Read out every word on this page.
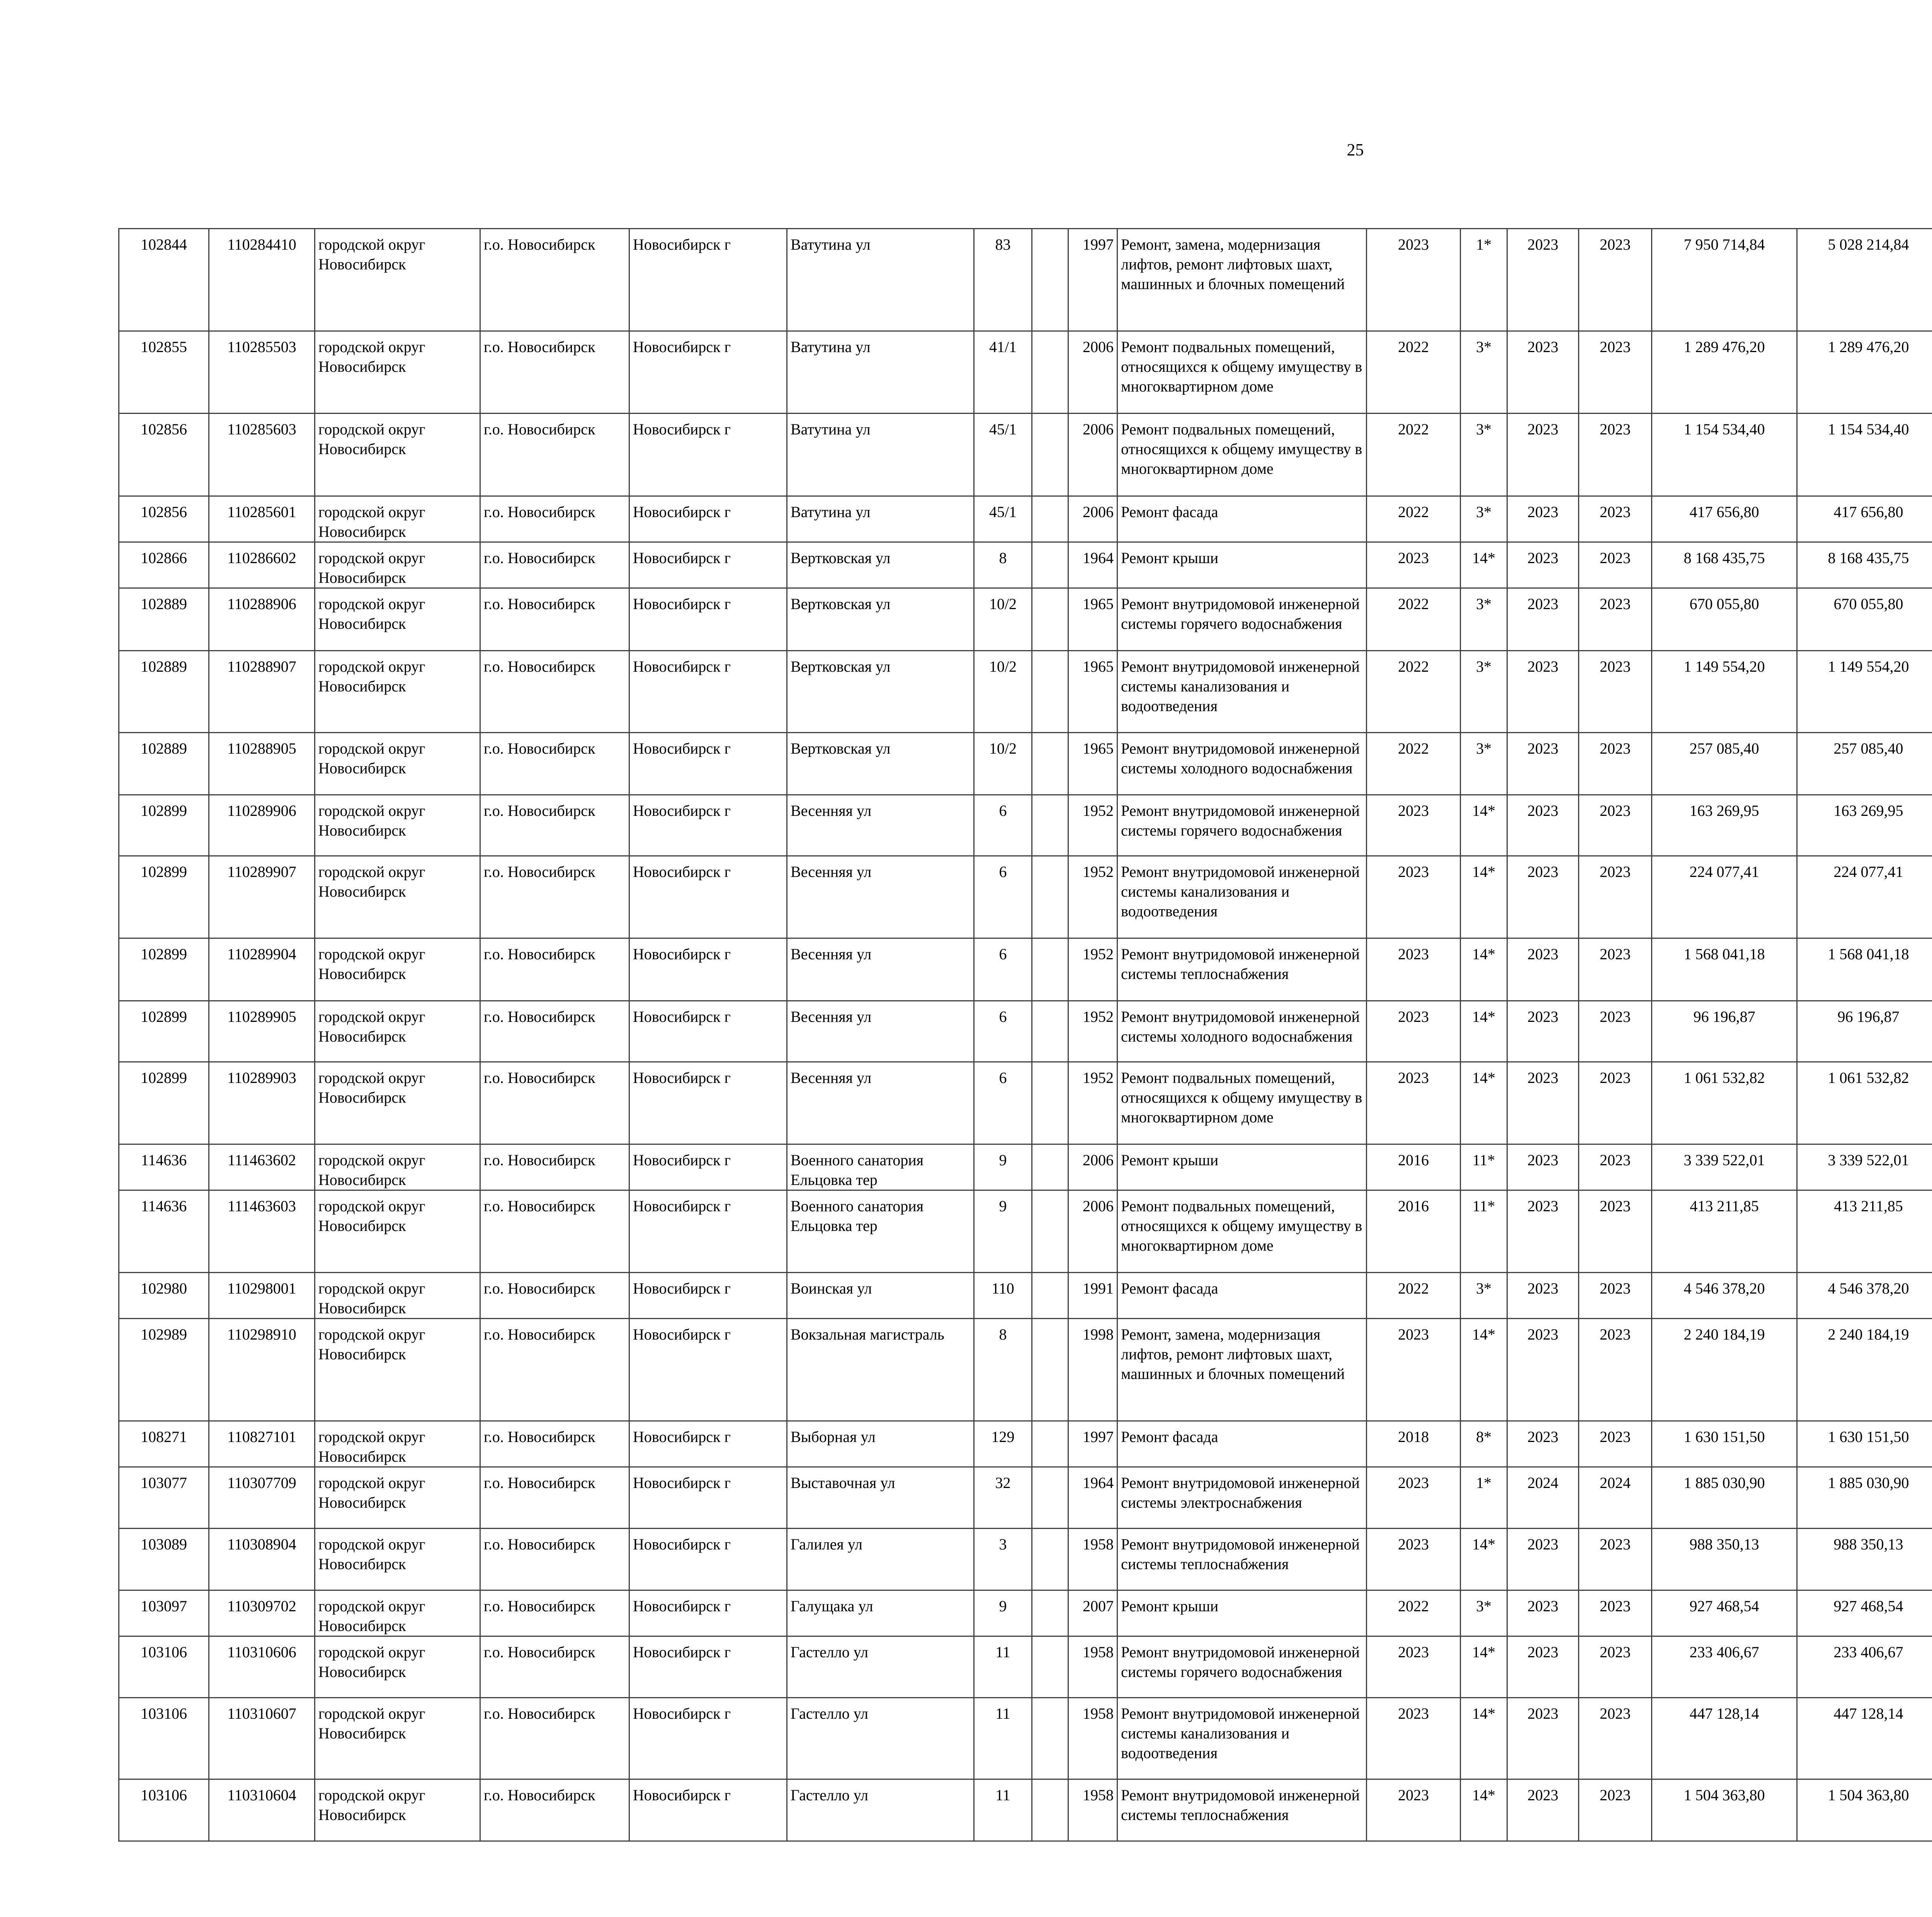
25
102844	110284410	городской округ Новосибирск	г.о. Новосибирск	Новосибирск г	Ватутина ул	83		1997	Ремонт, замена, модернизация лифтов, ремонт лифтовых шахт, машинных и блочных помещений	2023	1*	2023	2023	7 950 714,84	5 028 214,84						
102855	110285503	городской округ Новосибирск	г.о. Новосибирск	Новосибирск г	Ватутина ул	41/1		2006	Ремонт подвальных помещений, относящихся к общему имуществу в многоквартирном доме	2022	3*	2023	2023	1 289 476,20	1 289 476,20						
102856	110285603	городской округ Новосибирск	г.о. Новосибирск	Новосибирск г	Ватутина ул	45/1		2006	Ремонт подвальных помещений, относящихся к общему имуществу в многоквартирном доме	2022	3*	2023	2023	1 154 534,40	1 154 534,40						
102856	110285601	городской округ Новосибирск	г.о. Новосибирск	Новосибирск г	Ватутина ул	45/1		2006	Ремонт фасада	2022	3*	2023	2023	417 656,80	417 656,80						
102866	110286602	городской округ Новосибирск	г.о. Новосибирск	Новосибирск г	Вертковская ул	8		1964	Ремонт крыши	2023	14*	2023	2023	8 168 435,75	8 168 435,75						
102889	110288906	городской округ Новосибирск	г.о. Новосибирск	Новосибирск г	Вертковская ул	10/2		1965	Ремонт внутридомовой инженерной системы горячего водоснабжения	2022	3*	2023	2023	670 055,80	670 055,80						
102889	110288907	городской округ Новосибирск	г.о. Новосибирск	Новосибирск г	Вертковская ул	10/2		1965	Ремонт внутридомовой инженерной системы канализования и водоотведения	2022	3*	2023	2023	1 149 554,20	1 149 554,20						
102889	110288905	городской округ Новосибирск	г.о. Новосибирск	Новосибирск г	Вертковская ул	10/2		1965	Ремонт внутридомовой инженерной системы холодного водоснабжения	2022	3*	2023	2023	257 085,40	257 085,40						
102899	110289906	городской округ Новосибирск	г.о. Новосибирск	Новосибирск г	Весенняя ул	6		1952	Ремонт внутридомовой инженерной системы горячего водоснабжения	2023	14*	2023	2023	163 269,95	163 269,95						
102899	110289907	городской округ Новосибирск	г.о. Новосибирск	Новосибирск г	Весенняя ул	6		1952	Ремонт внутридомовой инженерной системы канализования и водоотведения	2023	14*	2023	2023	224 077,41	224 077,41						
102899	110289904	городской округ Новосибирск	г.о. Новосибирск	Новосибирск г	Весенняя ул	6		1952	Ремонт внутридомовой инженерной системы теплоснабжения	2023	14*	2023	2023	1 568 041,18	1 568 041,18						
102899	110289905	городской округ Новосибирск	г.о. Новосибирск	Новосибирск г	Весенняя ул	6		1952	Ремонт внутридомовой инженерной системы холодного водоснабжения	2023	14*	2023	2023	96 196,87	96 196,87						
102899	110289903	городской округ Новосибирск	г.о. Новосибирск	Новосибирск г	Весенняя ул	6		1952	Ремонт подвальных помещений, относящихся к общему имуществу в многоквартирном доме	2023	14*	2023	2023	1 061 532,82	1 061 532,82						
114636	111463602	городской округ Новосибирск	г.о. Новосибирск	Новосибирск г	Военного санатория Ельцовка тер	9		2006	Ремонт крыши	2016	11*	2023	2023	3 339 522,01	3 339 522,01						
114636	111463603	городской округ Новосибирск	г.о. Новосибирск	Новосибирск г	Военного санатория Ельцовка тер	9		2006	Ремонт подвальных помещений, относящихся к общему имуществу в многоквартирном доме	2016	11*	2023	2023	413 211,85	413 211,85						
102980	110298001	городской округ Новосибирск	г.о. Новосибирск	Новосибирск г	Воинская ул	110		1991	Ремонт фасада	2022	3*	2023	2023	4 546 378,20	4 546 378,20						
102989	110298910	городской округ Новосибирск	г.о. Новосибирск	Новосибирск г	Вокзальная магистраль	8		1998	Ремонт, замена, модернизация лифтов, ремонт лифтовых шахт, машинных и блочных помещений	2023	14*	2023	2023	2 240 184,19	2 240 184,19						
108271	110827101	городской округ Новосибирск	г.о. Новосибирск	Новосибирск г	Выборная ул	129		1997	Ремонт фасада	2018	8*	2023	2023	1 630 151,50	1 630 151,50						
103077	110307709	городской округ Новосибирск	г.о. Новосибирск	Новосибирск г	Выставочная ул	32		1964	Ремонт внутридомовой инженерной системы электроснабжения	2023	1*	2024	2024	1 885 030,90	1 885 030,90						
103089	110308904	городской округ Новосибирск	г.о. Новосибирск	Новосибирск г	Галилея ул	3		1958	Ремонт внутридомовой инженерной системы теплоснабжения	2023	14*	2023	2023	988 350,13	988 350,13						
103097	110309702	городской округ Новосибирск	г.о. Новосибирск	Новосибирск г	Галущака ул	9		2007	Ремонт крыши	2022	3*	2023	2023	927 468,54	927 468,54						
103106	110310606	городской округ Новосибирск	г.о. Новосибирск	Новосибирск г	Гастелло ул	11		1958	Ремонт внутридомовой инженерной системы горячего водоснабжения	2023	14*	2023	2023	233 406,67	233 406,67						
103106	110310607	городской округ Новосибирск	г.о. Новосибирск	Новосибирск г	Гастелло ул	11		1958	Ремонт внутридомовой инженерной системы канализования и водоотведения	2023	14*	2023	2023	447 128,14	447 128,14						
103106	110310604	городской округ Новосибирск	г.о. Новосибирск	Новосибирск г	Гастелло ул	11		1958	Ремонт внутридомовой инженерной системы теплоснабжения	2023	14*	2023	2023	1 504 363,80	1 504 363,80						
